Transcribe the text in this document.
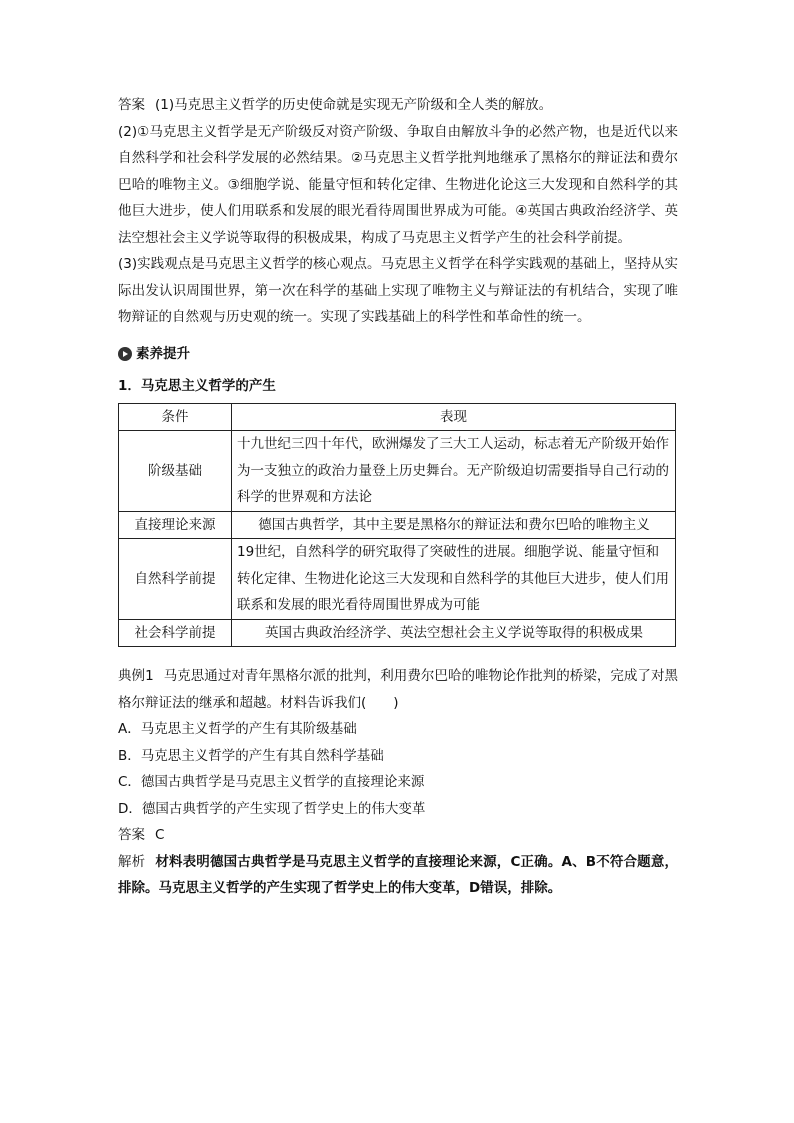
答案 (1)马克思主义哲学的历史使命就是实现无产阶级和全人类的解放。

(2)①马克思主义哲学是无产阶级反对资产阶级、争取自由解放斗争的必然产物，也是近代以来自然科学和社会科学发展的必然结果。②马克思主义哲学批判地继承了黑格尔的辩证法和费尔巴哈的唯物主义。③细胞学说、能量守恒和转化定律、生物进化论这三大发现和自然科学的其他巨大进步，使人们用联系和发展的眼光看待周围世界成为可能。④英国古典政治经济学、英法空想社会主义学说等取得的积极成果，构成了马克思主义哲学产生的社会科学前提。

(3)实践观点是马克思主义哲学的核心观点。马克思主义哲学在科学实践观的基础上，坚持从实际出发认识周围世界，第一次在科学的基础上实现了唯物主义与辩证法的有机结合，实现了唯物辩证的自然观与历史观的统一。实现了实践基础上的科学性和革命性的统一。

素养提升
1．马克思主义哲学的产生
条件	表现
阶级基础	十九世纪三四十年代，欧洲爆发了三大工人运动，标志着无产阶级开始作为一支独立的政治力量登上历史舞台。无产阶级迫切需要指导自己行动的科学的世界观和方法论
直接理论来源	德国古典哲学，其中主要是黑格尔的辩证法和费尔巴哈的唯物主义
自然科学前提	19世纪，自然科学的研究取得了突破性的进展。细胞学说、能量守恒和转化定律、生物进化论这三大发现和自然科学的其他巨大进步，使人们用联系和发展的眼光看待周围世界成为可能
社会科学前提	英国古典政治经济学、英法空想社会主义学说等取得的积极成果

典例1 马克思通过对青年黑格尔派的批判，利用费尔巴哈的唯物论作批判的桥梁，完成了对黑格尔辩证法的继承和超越。材料告诉我们(　　)

A．马克思主义哲学的产生有其阶级基础

B．马克思主义哲学的产生有其自然科学基础

C．德国古典哲学是马克思主义哲学的直接理论来源

D．德国古典哲学的产生实现了哲学史上的伟大变革

答案 C

解析 材料表明德国古典哲学是马克思主义哲学的直接理论来源，C正确。A、B不符合题意，排除。马克思主义哲学的产生实现了哲学史上的伟大变革，D错误，排除。
